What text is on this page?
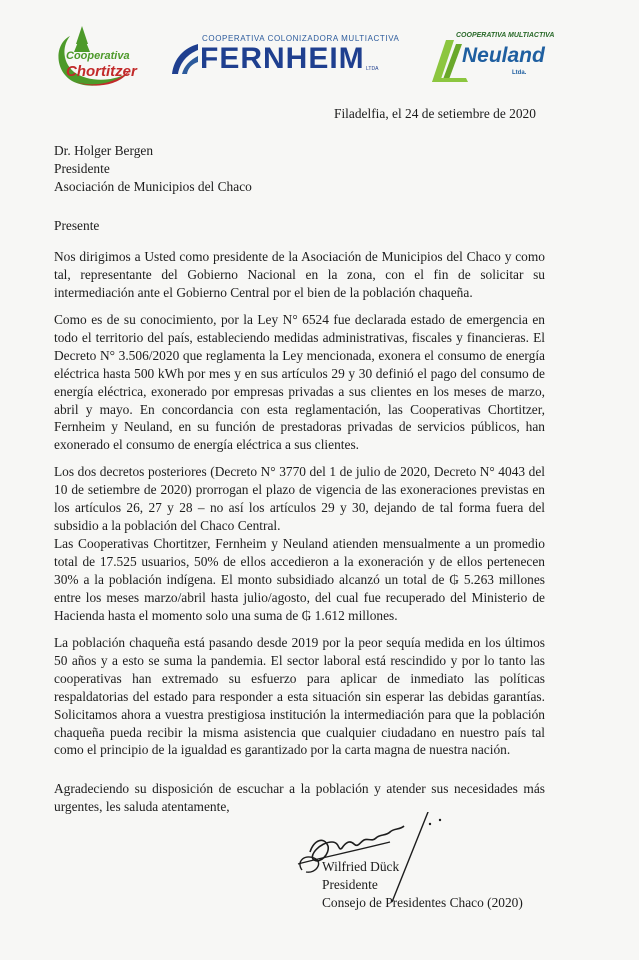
Cooperativa
Chortitzer
COOPERATIVA COLONIZADORA MULTIACTIVA
FERNHEIM LTDA
COOPERATIVA MULTIACTIVA
Neuland
Ltda.
Filadelfia, el 24 de setiembre de 2020
Dr. Holger Bergen
Presidente
Asociación de Municipios del Chaco
Presente

Nos dirigimos a Usted como presidente de la Asociación de Municipios del Chaco y como tal, representante del Gobierno Nacional en la zona, con el fin de solicitar su intermediación ante el Gobierno Central por el bien de la población chaqueña.

Como es de su conocimiento, por la Ley N° 6524 fue declarada estado de emergencia en todo el territorio del país, estableciendo medidas administrativas, fiscales y financieras. El Decreto N° 3.506/2020 que reglamenta la Ley mencionada, exonera el consumo de energía eléctrica hasta 500 kWh por mes y en sus artículos 29 y 30 definió el pago del consumo de energía eléctrica, exonerado por empresas privadas a sus clientes en los meses de marzo, abril y mayo. En concordancia con esta reglamentación, las Cooperativas Chortitzer, Fernheim y Neuland, en su función de prestadoras privadas de servicios públicos, han exonerado el consumo de energía eléctrica a sus clientes.

Los dos decretos posteriores (Decreto N° 3770 del 1 de julio de 2020, Decreto N° 4043 del 10 de setiembre de 2020) prorrogan el plazo de vigencia de las exoneraciones previstas en los artículos 26, 27 y 28 – no así los artículos 29 y 30, dejando de tal forma fuera del subsidio a la población del Chaco Central.

Las Cooperativas Chortitzer, Fernheim y Neuland atienden mensualmente a un promedio total de 17.525 usuarios, 50% de ellos accedieron a la exoneración y de ellos pertenecen 30% a la población indígena. El monto subsidiado alcanzó un total de ₲ 5.263 millones entre los meses marzo/abril hasta julio/agosto, del cual fue recuperado del Ministerio de Hacienda hasta el momento solo una suma de ₲ 1.612 millones.

La población chaqueña está pasando desde 2019 por la peor sequía medida en los últimos 50 años y a esto se suma la pandemia. El sector laboral está rescindido y por lo tanto las cooperativas han extremado su esfuerzo para aplicar de inmediato las políticas respaldatorias del estado para responder a esta situación sin esperar las debidas garantías. Solicitamos ahora a vuestra prestigiosa institución la intermediación para que la población chaqueña pueda recibir la misma asistencia que cualquier ciudadano en nuestro país tal como el principio de la igualdad es garantizado por la carta magna de nuestra nación.

Agradeciendo su disposición de escuchar a la población y atender sus necesidades más urgentes, les saluda atentamente,

Wilfried Dück
Presidente
Consejo de Presidentes Chaco (2020)
